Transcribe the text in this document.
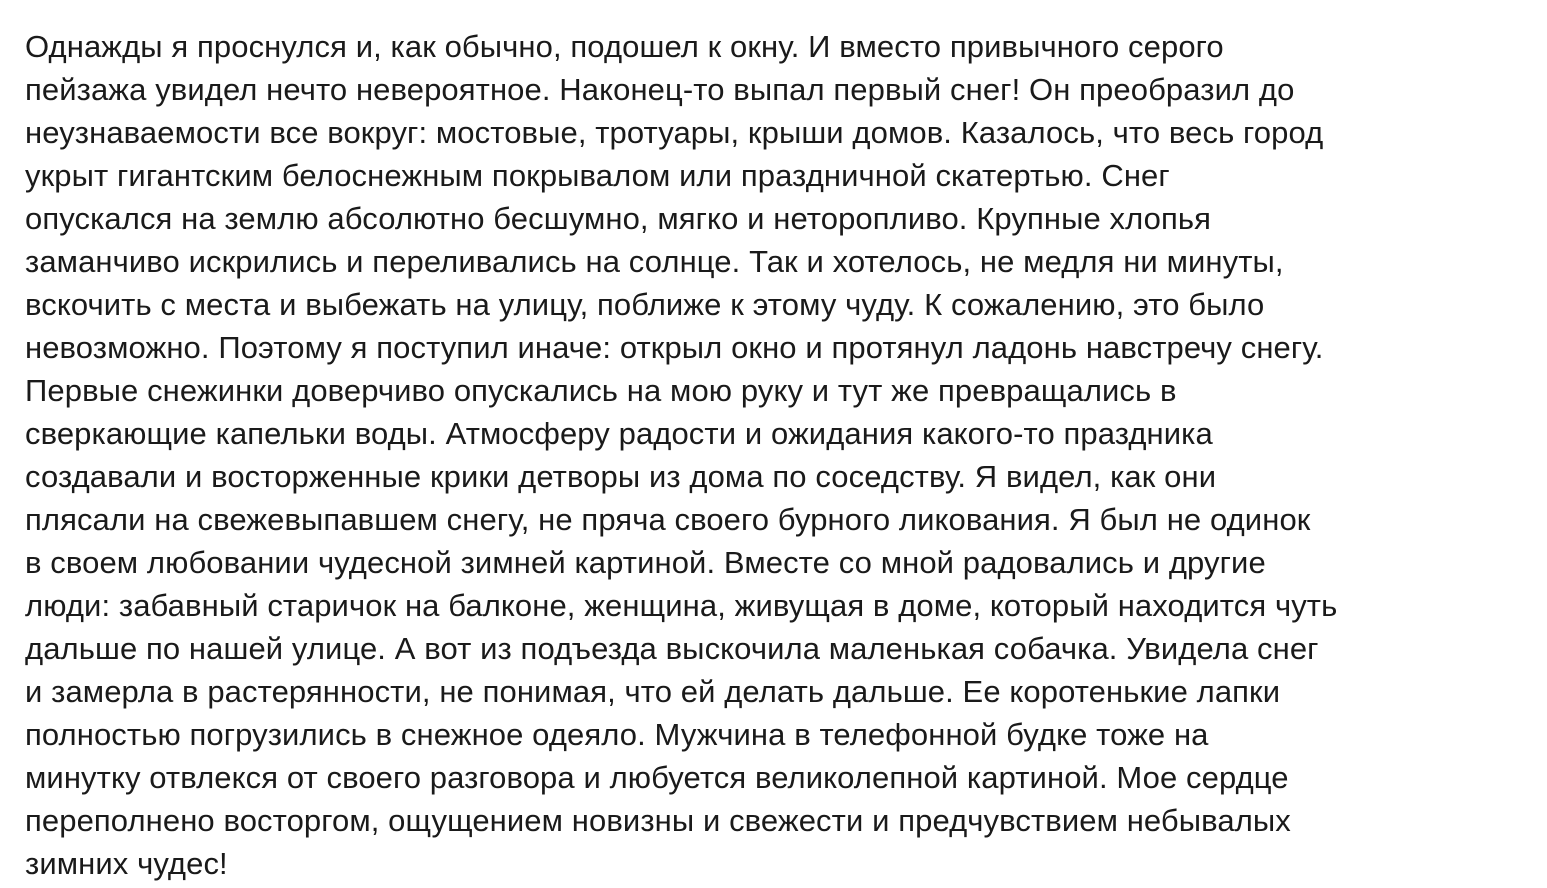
Однажды я проснулся и, как обычно, подошел к окну. И вместо привычного серого
пейзажа увидел нечто невероятное. Наконец-то выпал первый снег! Он преобразил до
неузнаваемости все вокруг: мостовые, тротуары, крыши домов. Казалось, что весь город
укрыт гигантским белоснежным покрывалом или праздничной скатертью. Снег
опускался на землю абсолютно бесшумно, мягко и неторопливо. Крупные хлопья
заманчиво искрились и переливались на солнце. Так и хотелось, не медля ни минуты,
вскочить с места и выбежать на улицу, поближе к этому чуду. К сожалению, это было
невозможно. Поэтому я поступил иначе: открыл окно и протянул ладонь навстречу снегу.
Первые снежинки доверчиво опускались на мою руку и тут же превращались в
сверкающие капельки воды. Атмосферу радости и ожидания какого-то праздника
создавали и восторженные крики детворы из дома по соседству. Я видел, как они
плясали на свежевыпавшем снегу, не пряча своего бурного ликования. Я был не одинок
в своем любовании чудесной зимней картиной. Вместе со мной радовались и другие
люди: забавный старичок на балконе, женщина, живущая в доме, который находится чуть
дальше по нашей улице. А вот из подъезда выскочила маленькая собачка. Увидела снег
и замерла в растерянности, не понимая, что ей делать дальше. Ее коротенькие лапки
полностью погрузились в снежное одеяло. Мужчина в телефонной будке тоже на
минутку отвлекся от своего разговора и любуется великолепной картиной. Мое сердце
переполнено восторгом, ощущением новизны и свежести и предчувствием небывалых
зимних чудес!
